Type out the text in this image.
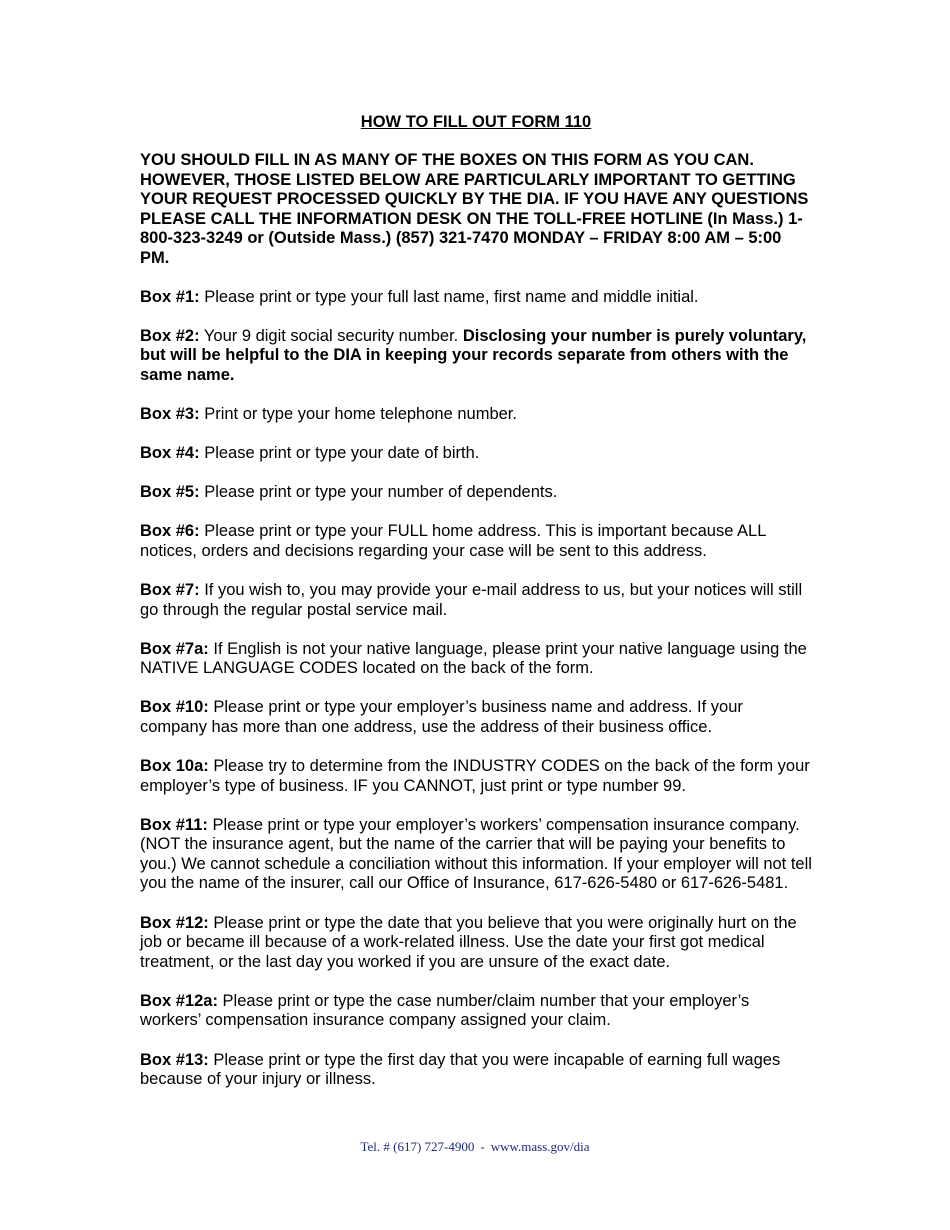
HOW TO FILL OUT FORM 110
YOU SHOULD FILL IN AS MANY OF THE BOXES ON THIS FORM AS YOU CAN. HOWEVER, THOSE LISTED BELOW ARE PARTICULARLY IMPORTANT TO GETTING YOUR REQUEST PROCESSED QUICKLY BY THE DIA. IF YOU HAVE ANY QUESTIONS PLEASE CALL THE INFORMATION DESK ON THE TOLL-FREE HOTLINE (In Mass.) 1-800-323-3249 or (Outside Mass.) (857) 321-7470 MONDAY – FRIDAY 8:00 AM – 5:00 PM.
Box #1: Please print or type your full last name, first name and middle initial.
Box #2: Your 9 digit social security number. Disclosing your number is purely voluntary, but will be helpful to the DIA in keeping your records separate from others with the same name.
Box #3: Print or type your home telephone number.
Box #4: Please print or type your date of birth.
Box #5: Please print or type your number of dependents.
Box #6: Please print or type your FULL home address. This is important because ALL notices, orders and decisions regarding your case will be sent to this address.
Box #7: If you wish to, you may provide your e-mail address to us, but your notices will still go through the regular postal service mail.
Box #7a: If English is not your native language, please print your native language using the NATIVE LANGUAGE CODES located on the back of the form.
Box #10: Please print or type your employer’s business name and address. If your company has more than one address, use the address of their business office.
Box 10a: Please try to determine from the INDUSTRY CODES on the back of the form your employer’s type of business. IF you CANNOT, just print or type number 99.
Box #11: Please print or type your employer’s workers’ compensation insurance company. (NOT the insurance agent, but the name of the carrier that will be paying your benefits to you.) We cannot schedule a conciliation without this information. If your employer will not tell you the name of the insurer, call our Office of Insurance, 617-626-5480 or 617-626-5481.
Box #12: Please print or type the date that you believe that you were originally hurt on the job or became ill because of a work-related illness. Use the date your first got medical treatment, or the last day you worked if you are unsure of the exact date.
Box #12a: Please print or type the case number/claim number that your employer’s workers’ compensation insurance company assigned your claim.
Box #13: Please print or type the first day that you were incapable of earning full wages because of your injury or illness.
Tel. # (617) 727-4900 - www.mass.gov/dia
